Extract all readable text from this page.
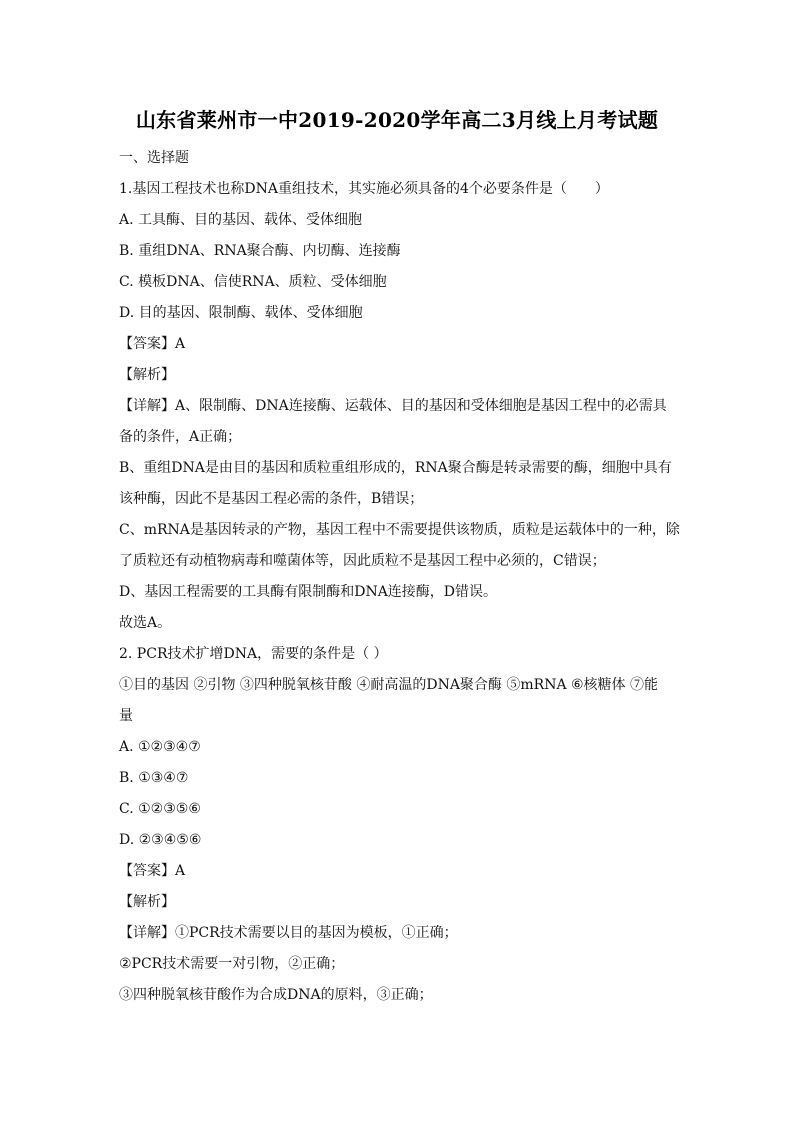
山东省莱州市一中2019-2020学年高二3月线上月考试题
一、选择题
1.基因工程技术也称DNA重组技术，其实施必须具备的4个必要条件是（　　）
A. 工具酶、目的基因、载体、受体细胞
B. 重组DNA、RNA聚合酶、内切酶、连接酶
C. 模板DNA、信使RNA、质粒、受体细胞
D. 目的基因、限制酶、载体、受体细胞
【答案】A
【解析】
【详解】A、限制酶、DNA连接酶、运载体、目的基因和受体细胞是基因工程中的必需具
备的条件，A正确；
B、重组DNA是由目的基因和质粒重组形成的，RNA聚合酶是转录需要的酶，细胞中具有
该种酶，因此不是基因工程必需的条件，B错误；
C、mRNA是基因转录的产物，基因工程中不需要提供该物质，质粒是运载体中的一种，除
了质粒还有动植物病毒和噬菌体等，因此质粒不是基因工程中必须的，C错误；
D、基因工程需要的工具酶有限制酶和DNA连接酶，D错误。
故选A。
2. PCR技术扩增DNA，需要的条件是（ ）
①目的基因 ②引物 ③四种脱氧核苷酸 ④耐高温的DNA聚合酶 ⑤mRNA ⑥核糖体 ⑦能
量
A. ①②③④⑦
B. ①③④⑦
C. ①②③⑤⑥
D. ②③④⑤⑥
【答案】A
【解析】
【详解】①PCR技术需要以目的基因为模板，①正确；
②PCR技术需要一对引物，②正确；
③四种脱氧核苷酸作为合成DNA的原料，③正确；
